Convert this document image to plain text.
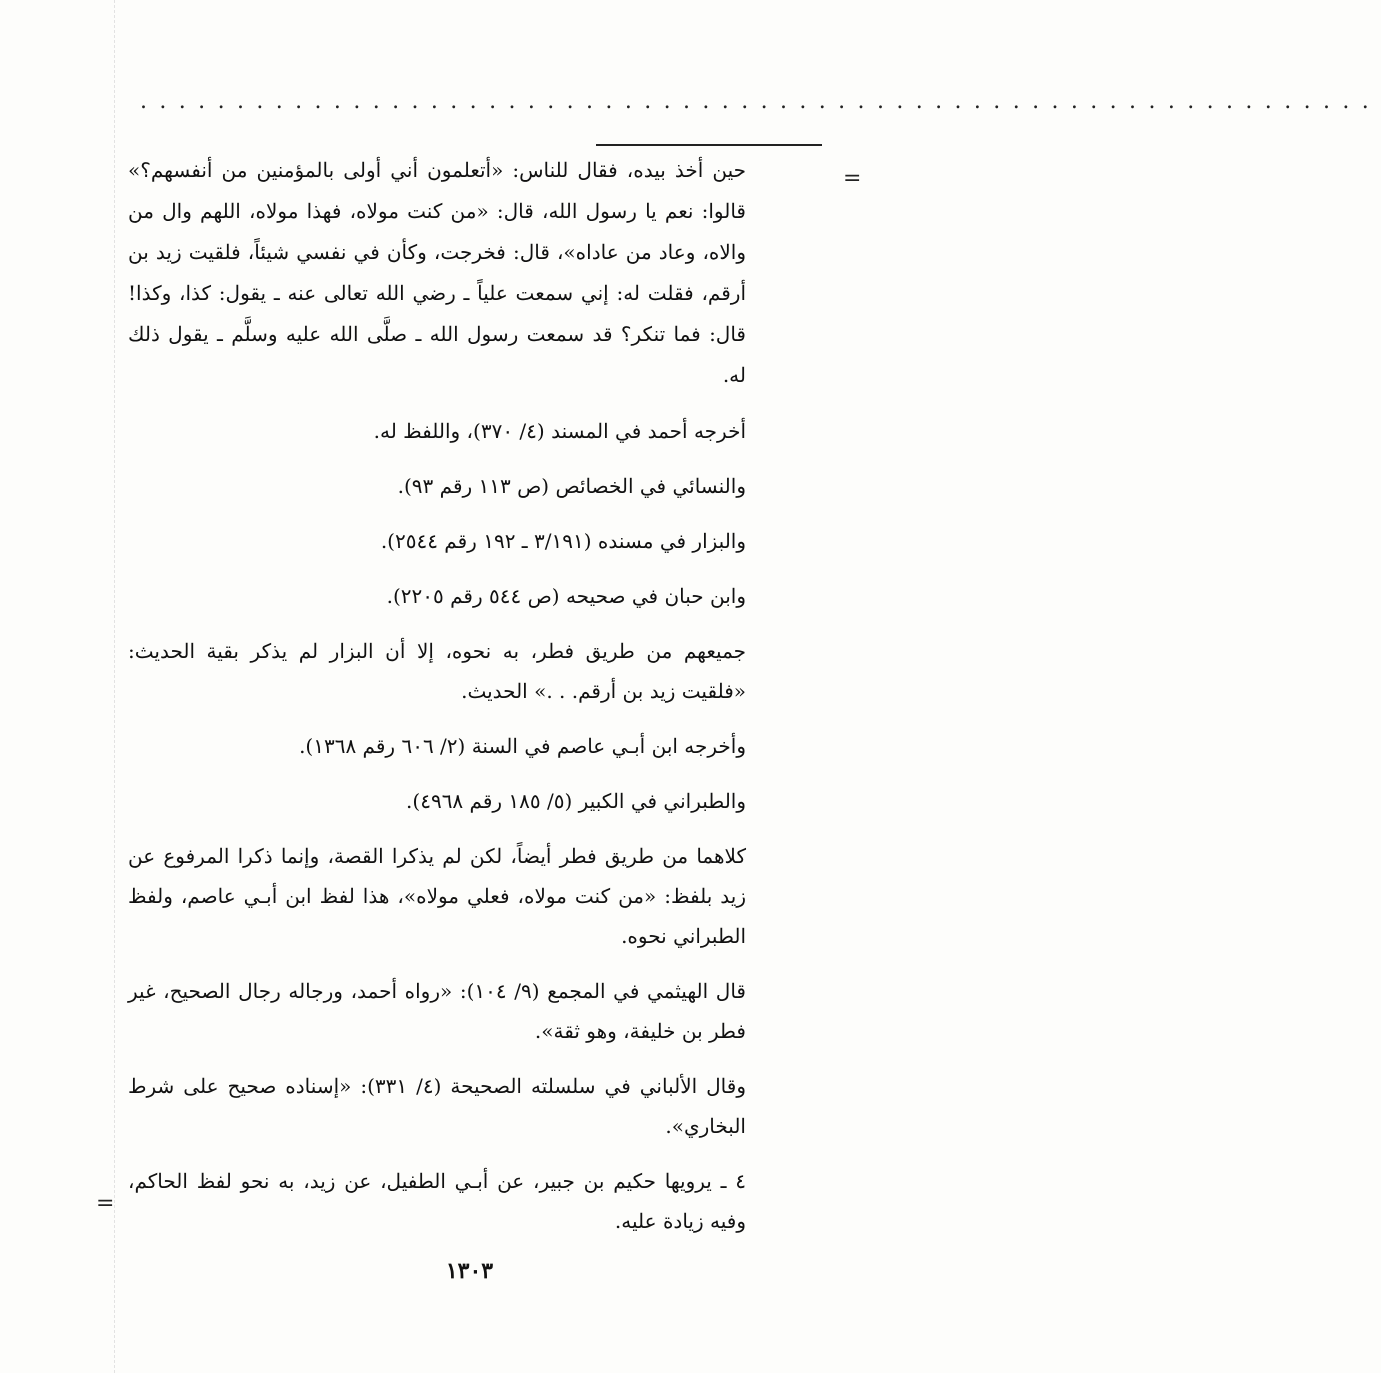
................................................................
=
=

حين أخذ بيده، فقال للناس: «أتعلمون أني أولى بالمؤمنين من أنفسهم؟» قالوا: نعم يا رسول الله، قال: «من كنت مولاه، فهذا مولاه، اللهم وال من والاه، وعاد من عاداه»، قال: فخرجت، وكأن في نفسي شيئاً، فلقيت زيد بن أرقم، فقلت له: إني سمعت علياً ـ رضي الله تعالى عنه ـ يقول: كذا، وكذا! قال: فما تنكر؟ قد سمعت رسول الله ـ صلَّى الله عليه وسلَّم ـ يقول ذلك له.

أخرجه أحمد في المسند (٤/ ٣٧٠)، واللفظ له.

والنسائي في الخصائص (ص ١١٣ رقم ٩٣).

والبزار في مسنده (٣/١٩١ ـ ١٩٢ رقم ٢٥٤٤).

وابن حبان في صحيحه (ص ٥٤٤ رقم ٢٢٠٥).

جميعهم من طريق فطر، به نحوه، إلا أن البزار لم يذكر بقية الحديث: «فلقيت زيد بن أرقم. . .» الحديث.

وأخرجه ابن أبـي عاصم في السنة (٢/ ٦٠٦ رقم ١٣٦٨).

والطبراني في الكبير (٥/ ١٨٥ رقم ٤٩٦٨).

كلاهما من طريق فطر أيضاً، لكن لم يذكرا القصة، وإنما ذكرا المرفوع عن زيد بلفظ: «من كنت مولاه، فعلي مولاه»، هذا لفظ ابن أبـي عاصم، ولفظ الطبراني نحوه.

قال الهيثمي في المجمع (٩/ ١٠٤): «رواه أحمد، ورجاله رجال الصحيح، غير فطر بن خليفة، وهو ثقة».

وقال الألباني في سلسلته الصحيحة (٤/ ٣٣١): «إسناده صحيح على شرط البخاري».

٤ ـ يرويها حكيم بن جبير، عن أبـي الطفيل، عن زيد، به نحو لفظ الحاكم، وفيه زيادة عليه.

١٣٠٣
